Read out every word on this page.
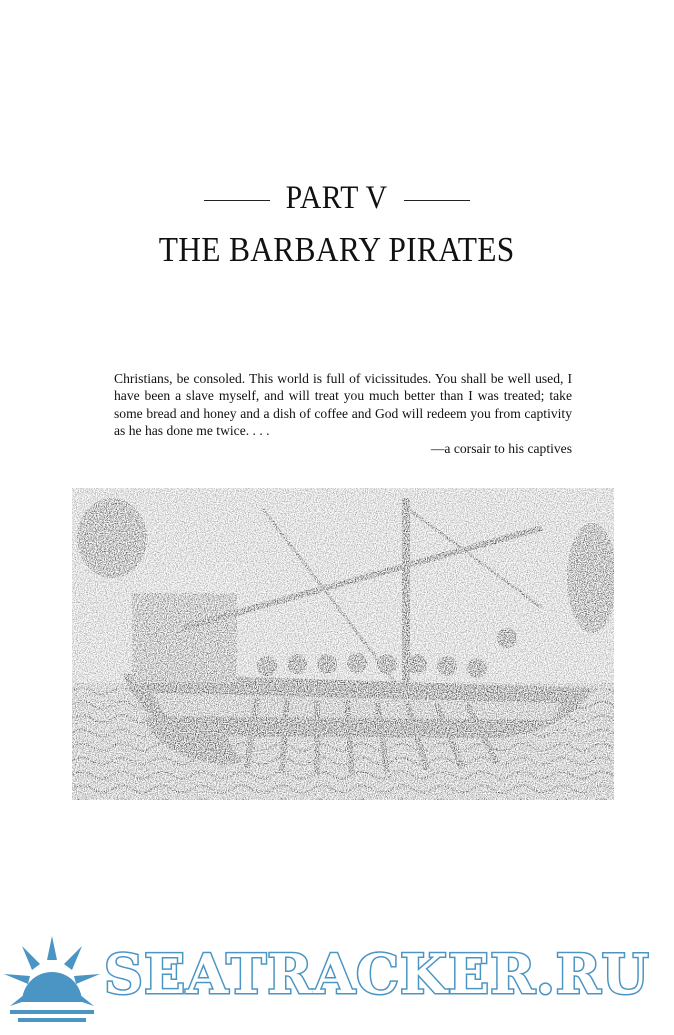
PART V
THE BARBARY PIRATES
Christians, be consoled. This world is full of vicissitudes. You shall be well used, I have been a slave myself, and will treat you much better than I was treated; take some bread and honey and a dish of coffee and God will redeem you from captivity as he has done me twice. . . .
—a corsair to his captives
SEATRACKER.RU
